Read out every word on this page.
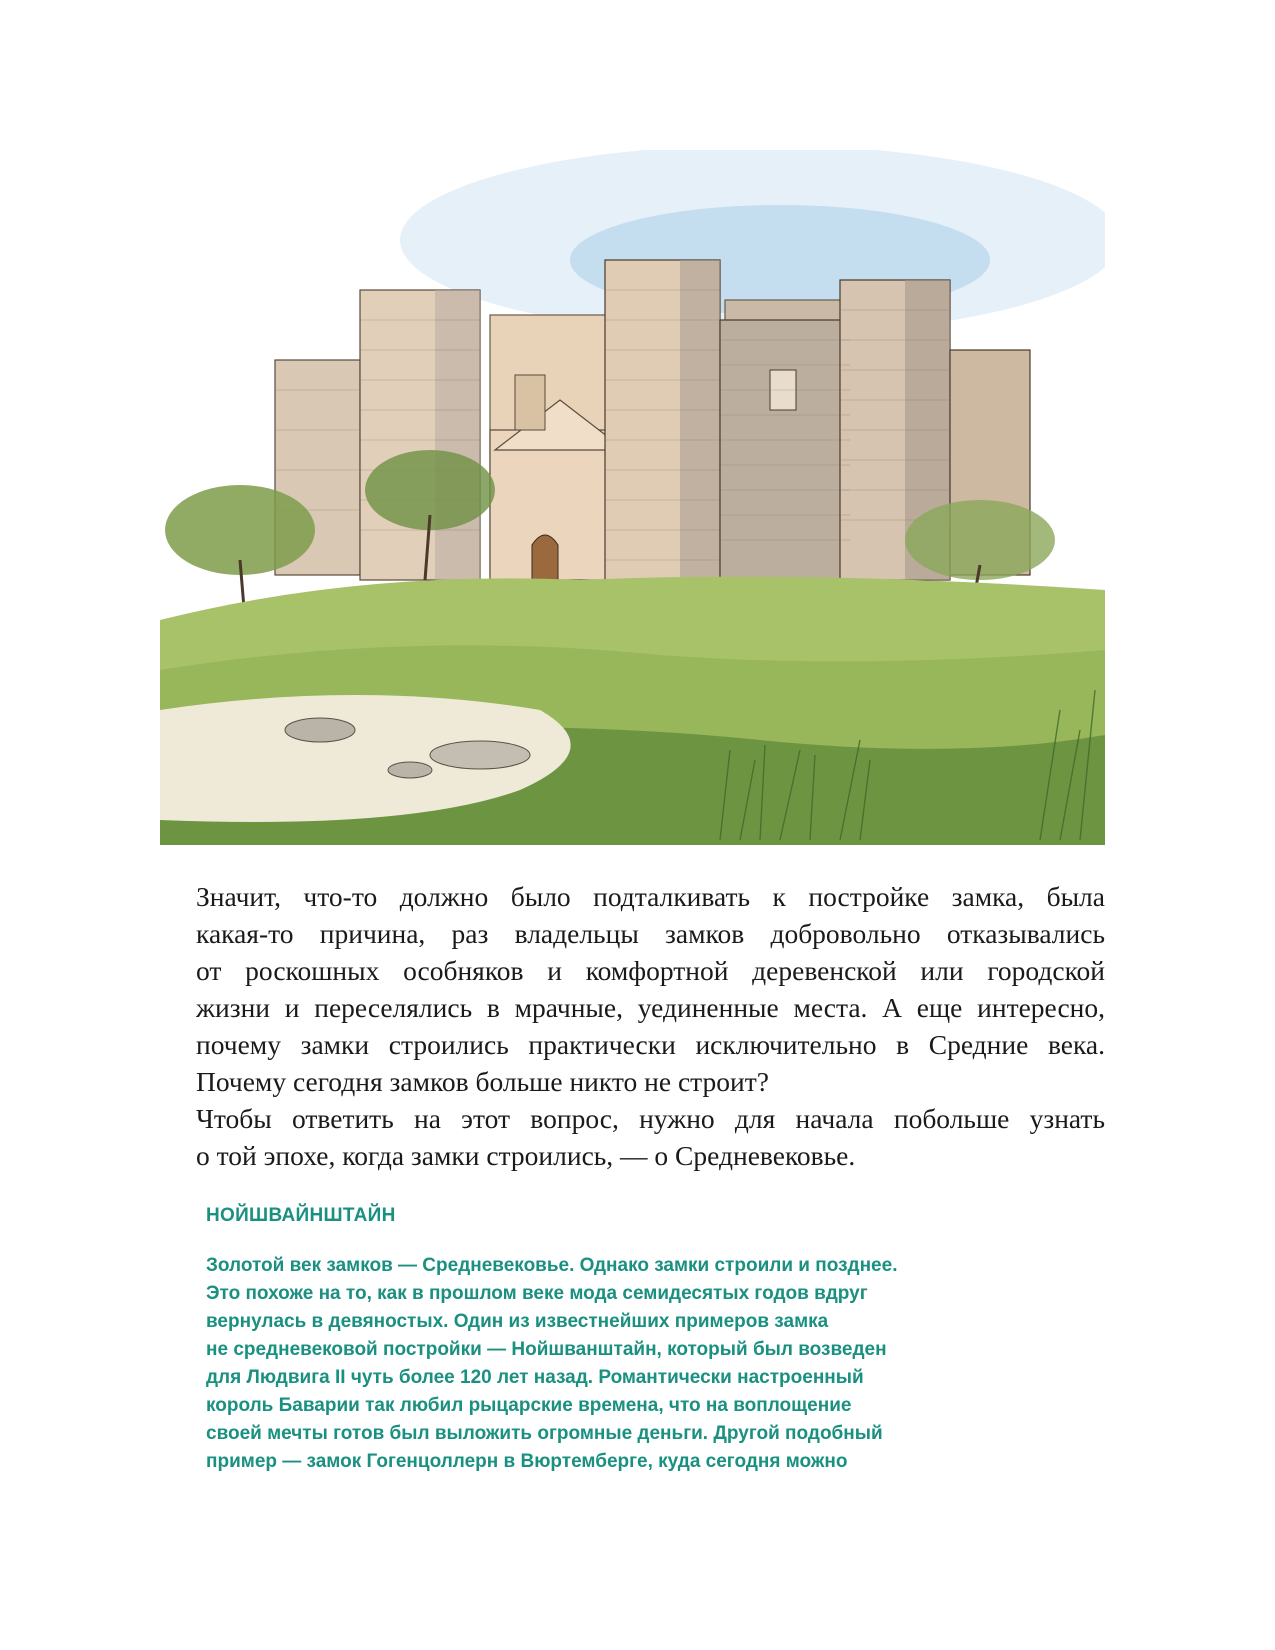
Значит, что-то должно было подталкивать к постройке замка, была
какая-то причина, раз владельцы замков добровольно отказывались
от роскошных особняков и комфортной деревенской или городской
жизни и переселялись в мрачные, уединенные места. А еще интересно,
почему замки строились практически исключительно в Средние века.
Почему сегодня замков больше никто не строит?

Чтобы ответить на этот вопрос, нужно для начала побольше узнать
о той эпохе, когда замки строились, — о Средневековье.

НОЙШВАЙНШТАЙН
Золотой век замков — Средневековье. Однако замки строили и позднее.
Это похоже на то, как в прошлом веке мода семидесятых годов вдруг
вернулась в девяностых. Один из известнейших примеров замка
не средневековой постройки — Нойшванштайн, который был возведен
для Людвига II чуть более 120 лет назад. Романтически настроенный
король Баварии так любил рыцарские времена, что на воплощение
своей мечты готов был выложить огромные деньги. Другой подобный
пример — замок Гогенцоллерн в Вюртемберге, куда сегодня можно
